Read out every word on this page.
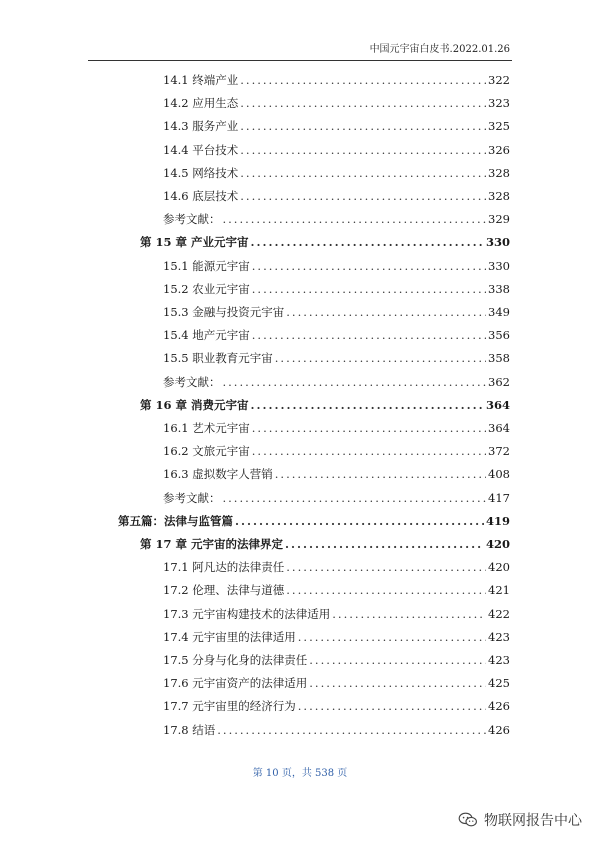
中国元宇宙白皮书.2022.01.26
14.1 终端产业 .....	322
14.2 应用生态 .....	323
14.3 服务产业 .....	325
14.4 平台技术 .....	326
14.5 网络技术 .....	328
14.6 底层技术 .....	328
参考文献： .....	329
第 15 章 产业元宇宙 .....	330
15.1 能源元宇宙 .....	330
15.2 农业元宇宙 .....	338
15.3 金融与投资元宇宙 .....	349
15.4 地产元宇宙 .....	356
15.5 职业教育元宇宙 .....	358
参考文献： .....	362
第 16 章 消费元宇宙 .....	364
16.1 艺术元宇宙 .....	364
16.2 文旅元宇宙 .....	372
16.3 虚拟数字人营销 .....	408
参考文献： .....	417
第五篇：法律与监管篇 .....	419
第 17 章 元宇宙的法律界定 .....	420
17.1 阿凡达的法律责任 .....	420
17.2 伦理、法律与道德 .....	421
17.3 元宇宙构建技术的法律适用 .....	422
17.4 元宇宙里的法律适用 .....	423
17.5 分身与化身的法律责任 .....	423
17.6 元宇宙资产的法律适用 .....	425
17.7 元宇宙里的经济行为 .....	426
17.8 结语 .....	426
第 10 页，共 538 页
物联网报告中心
